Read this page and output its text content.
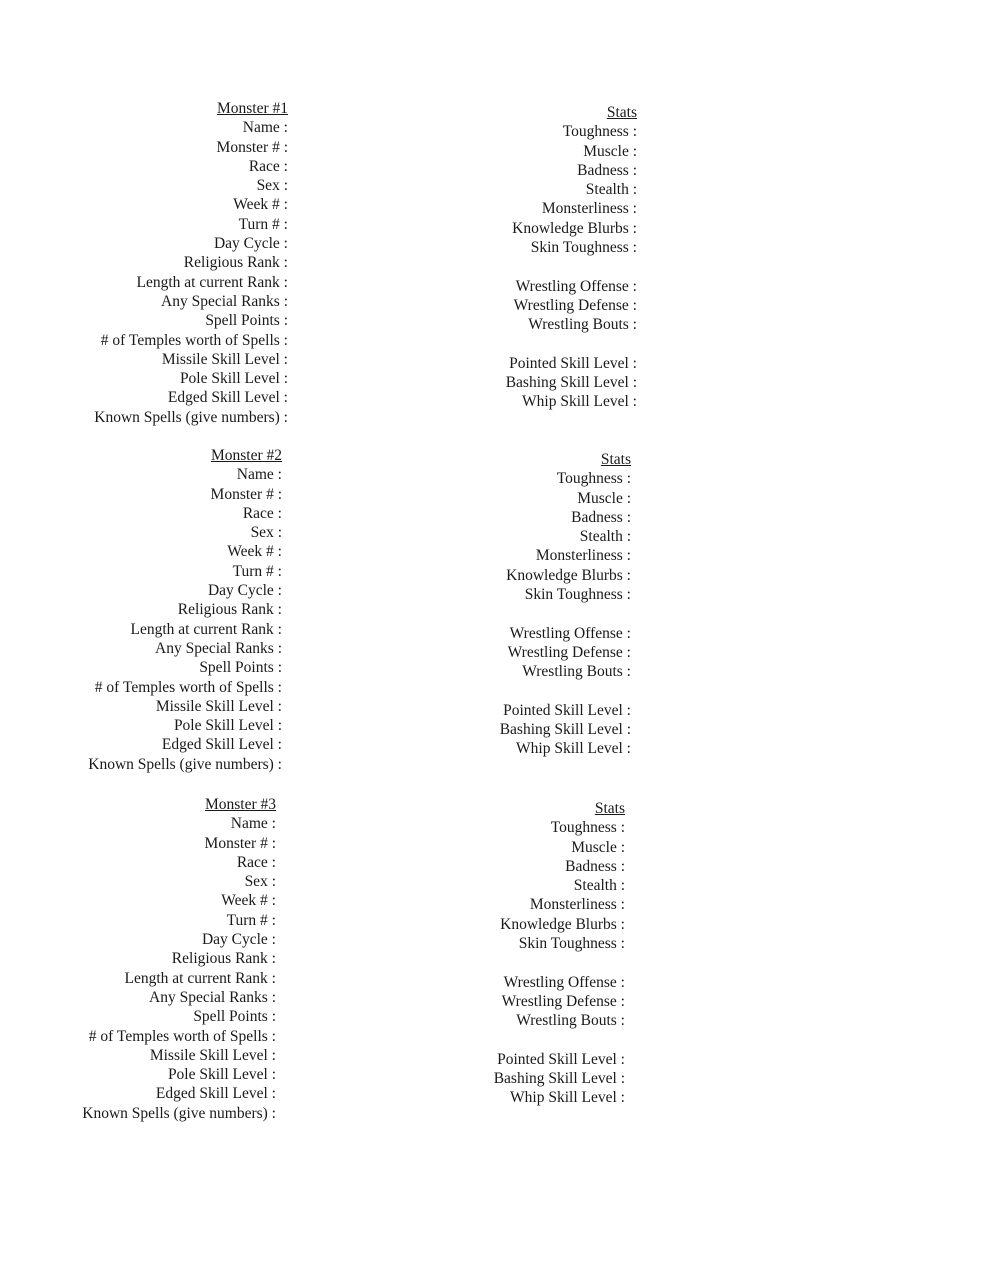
Monster #1
Name :
Monster # :
Race :
Sex :
Week # :
Turn # :
Day Cycle :
Religious Rank :
Length at current Rank :
Any Special Ranks :
Spell Points :
# of Temples worth of Spells :
Missile Skill Level :
Pole Skill Level :
Edged Skill Level :
Known Spells (give numbers) :
Stats
Toughness :
Muscle :
Badness :
Stealth :
Monsterliness :
Knowledge Blurbs :
Skin Toughness :
Wrestling Offense :
Wrestling Defense :
Wrestling Bouts :
Pointed Skill Level :
Bashing Skill Level :
Whip Skill Level :
Monster #2
Name :
Monster # :
Race :
Sex :
Week # :
Turn # :
Day Cycle :
Religious Rank :
Length at current Rank :
Any Special Ranks :
Spell Points :
# of Temples worth of Spells :
Missile Skill Level :
Pole Skill Level :
Edged Skill Level :
Known Spells (give numbers) :
Stats
Toughness :
Muscle :
Badness :
Stealth :
Monsterliness :
Knowledge Blurbs :
Skin Toughness :
Wrestling Offense :
Wrestling Defense :
Wrestling Bouts :
Pointed Skill Level :
Bashing Skill Level :
Whip Skill Level :
Monster #3
Name :
Monster # :
Race :
Sex :
Week # :
Turn # :
Day Cycle :
Religious Rank :
Length at current Rank :
Any Special Ranks :
Spell Points :
# of Temples worth of Spells :
Missile Skill Level :
Pole Skill Level :
Edged Skill Level :
Known Spells (give numbers) :
Stats
Toughness :
Muscle :
Badness :
Stealth :
Monsterliness :
Knowledge Blurbs :
Skin Toughness :
Wrestling Offense :
Wrestling Defense :
Wrestling Bouts :
Pointed Skill Level :
Bashing Skill Level :
Whip Skill Level :
